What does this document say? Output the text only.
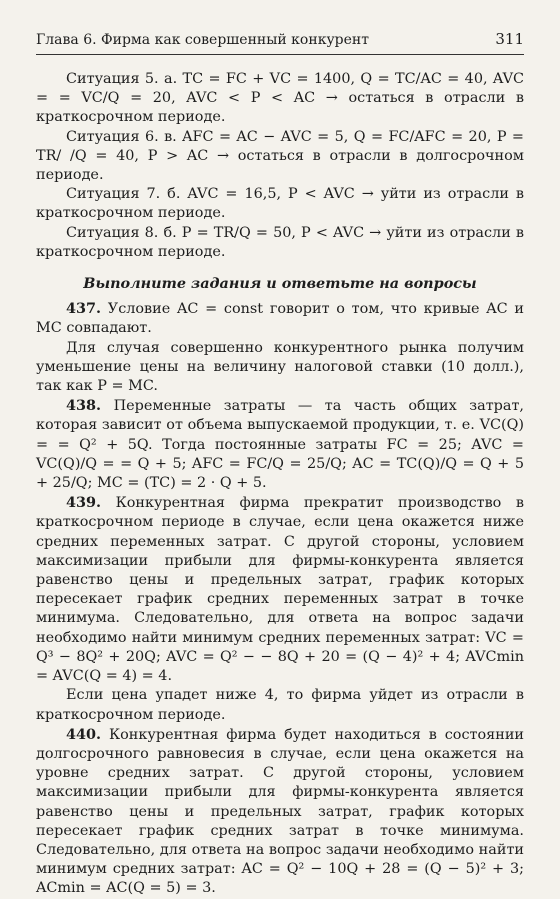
Глава 6. Фирма как совершенный конкурент	311

Ситуация 5. а. TC = FC + VC = 1400, Q = TC/AC = 40, AVC = = VC/Q = 20, AVC < P < AC → остаться в отрасли в краткосрочном периоде.

Ситуация 6. в. AFC = AC − AVC = 5, Q = FC/AFC = 20, P = TR/ /Q = 40, P > AC → остаться в отрасли в долгосрочном периоде.

Ситуация 7. б. AVC = 16,5, P < AVC → уйти из отрасли в краткосрочном периоде.

Ситуация 8. б. P = TR/Q = 50, P < AVC → уйти из отрасли в краткосрочном периоде.

Выполните задания и ответьте на вопросы

437. Условие AC = const говорит о том, что кривые AC и MC совпадают.

Для случая совершенно конкурентного рынка получим уменьшение цены на величину налоговой ставки (10 долл.), так как P = MC.

438. Переменные затраты — та часть общих затрат, которая зависит от объема выпускаемой продукции, т. е. VC(Q) = = Q² + 5Q. Тогда постоянные затраты FC = 25; AVC = VC(Q)/Q = = Q + 5; AFC = FC/Q = 25/Q; AC = TC(Q)/Q = Q + 5 + 25/Q; MC = (TC) = 2 · Q + 5.

439. Конкурентная фирма прекратит производство в краткосрочном периоде в случае, если цена окажется ниже средних переменных затрат. С другой стороны, условием максимизации прибыли для фирмы-конкурента является равенство цены и предельных затрат, график которых пересекает график средних переменных затрат в точке минимума. Следовательно, для ответа на вопрос задачи необходимо найти минимум средних переменных затрат: VC = Q³ − 8Q² + 20Q; AVC = Q² − − 8Q + 20 = (Q − 4)² + 4; AVCmin = AVC(Q = 4) = 4.

Если цена упадет ниже 4, то фирма уйдет из отрасли в краткосрочном периоде.

440. Конкурентная фирма будет находиться в состоянии долгосрочного равновесия в случае, если цена окажется на уровне средних затрат. С другой стороны, условием максимизации прибыли для фирмы-конкурента является равенство цены и предельных затрат, график которых пересекает график средних затрат в точке минимума. Следовательно, для ответа на вопрос задачи необходимо найти минимум средних затрат: AC = Q² − 10Q + 28 = (Q − 5)² + 3; ACmin = AC(Q = 5) = 3.
